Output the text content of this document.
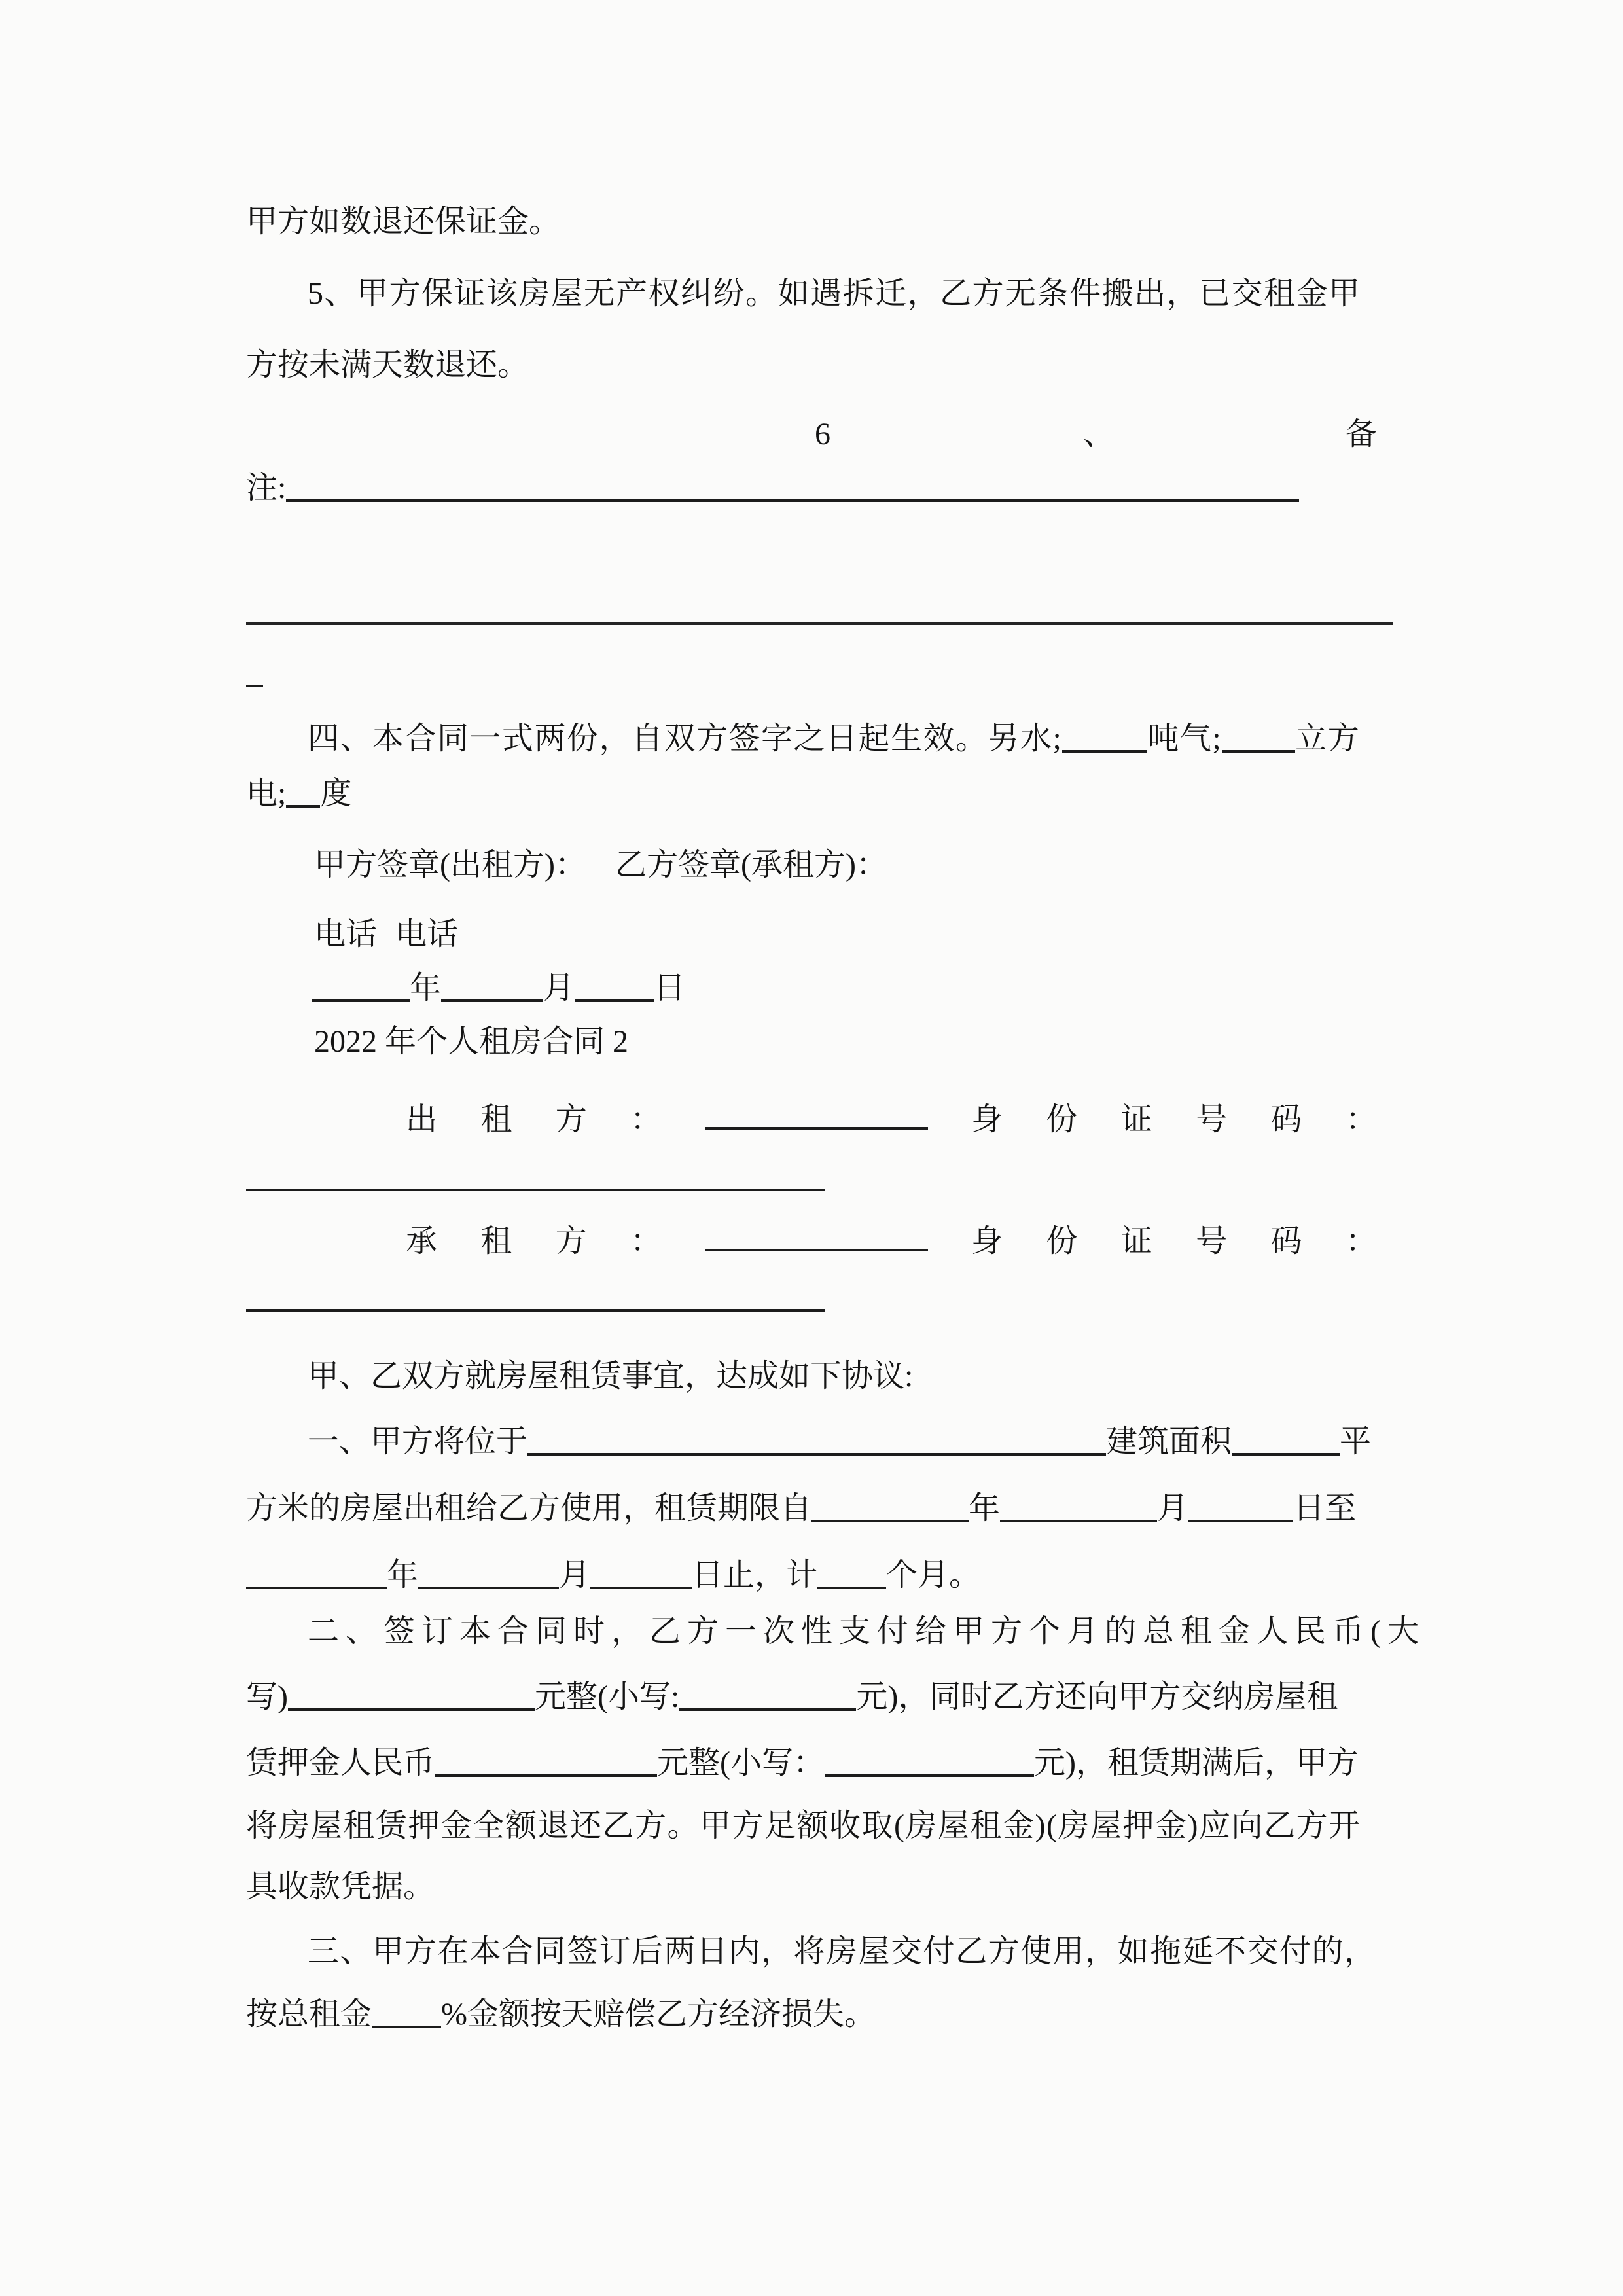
甲方如数退还保证金。
5、甲方保证该房屋无产权纠纷。如遇拆迁，乙方无条件搬出，已交租金甲
方按未满天数退还。
6	、	备
注:
四、本合同一式两份，自双方签字之日起生效。另水;	吨气; 立方
电; 度
甲方签章(出租方)： 乙方签章(承租方)：
电话 电话
年	月	日
2022 年个人租房合同 2
出 租 方 ：	身 份 证 号 码 ：
承 租 方 ：	身 份 证 号 码 ：
甲、乙双方就房屋租赁事宜，达成如下协议:
一、甲方将位于	建筑面积	平
方米的房屋出租给乙方使用，租赁期限自	年	月	日至
年	月	日止，计 个月。
二、签订本合同时，乙方一次性支付给甲方个月的总租金人民币(大
写)	元整(小写:	元)，同时乙方还向甲方交纳房屋租
赁押金人民币	元整(小写：	元)，租赁期满后，甲方
将房屋租赁押金全额退还乙方。甲方足额收取(房屋租金)(房屋押金)应向乙方开
具收款凭据。
三、甲方在本合同签订后两日内，将房屋交付乙方使用，如拖延不交付的，
按总租金 %金额按天赔偿乙方经济损失。
